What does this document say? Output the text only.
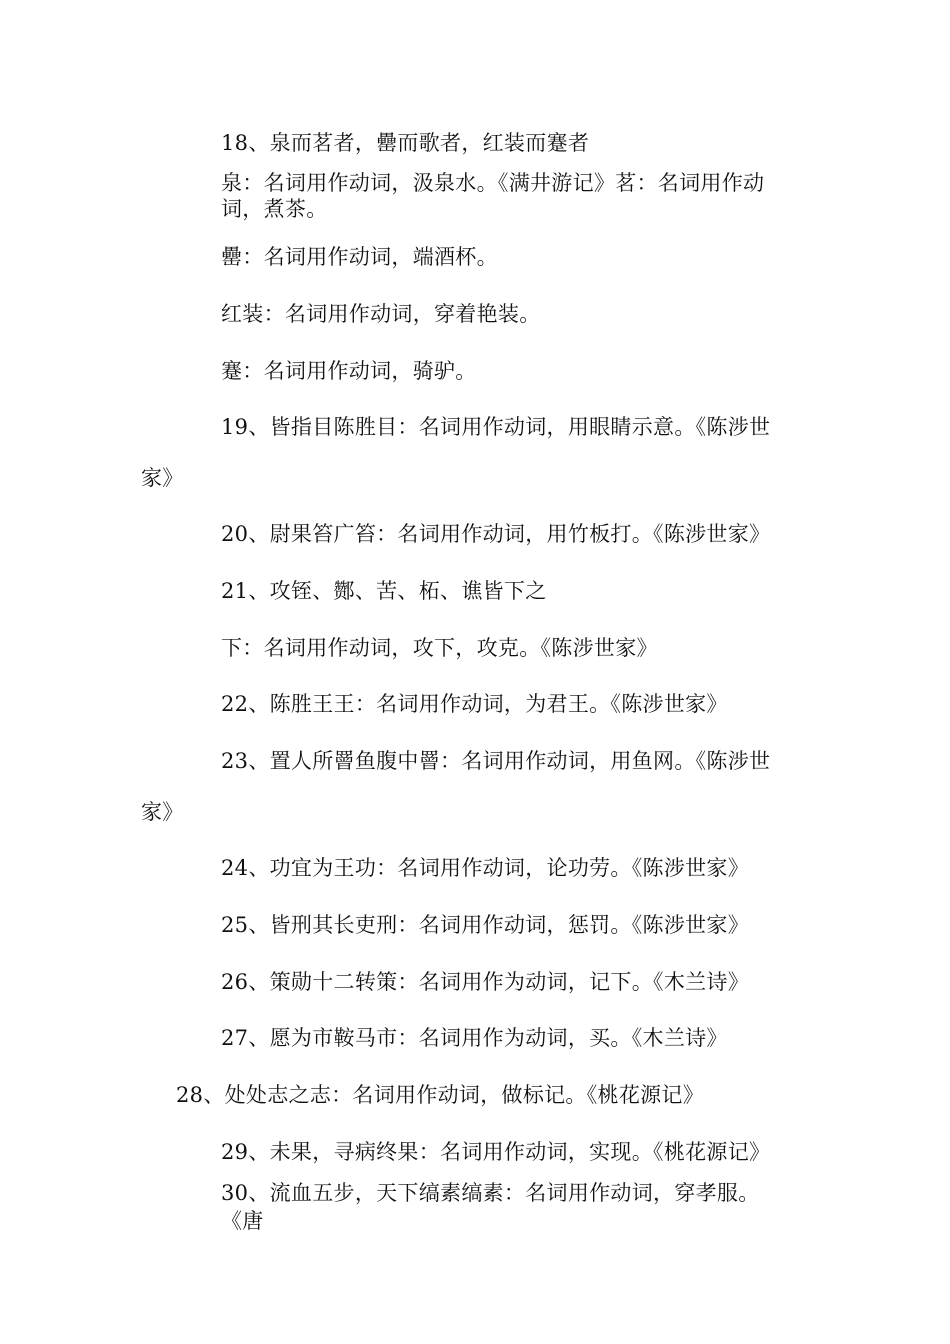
18、泉而茗者，罍而歌者，红装而蹇者
泉：名词用作动词，汲泉水。《满井游记》茗：名词用作动
词，煮茶。
罍：名词用作动词，端酒杯。
红装：名词用作动词，穿着艳装。
蹇：名词用作动词，骑驴。
19、皆指目陈胜目：名词用作动词，用眼睛示意。《陈涉世
家》
20、尉果笞广笞：名词用作动词，用竹板打。《陈涉世家》
21、攻铚、酂、苦、柘、谯皆下之
下：名词用作动词，攻下，攻克。《陈涉世家》
22、陈胜王王：名词用作动词，为君王。《陈涉世家》
23、置人所罾鱼腹中罾：名词用作动词，用鱼网。《陈涉世
家》
24、功宜为王功：名词用作动词，论功劳。《陈涉世家》
25、皆刑其长吏刑：名词用作动词，惩罚。《陈涉世家》
26、策勋十二转策：名词用作为动词，记下。《木兰诗》
27、愿为市鞍马市：名词用作为动词，买。《木兰诗》
28、处处志之志：名词用作动词，做标记。《桃花源记》
29、未果，寻病终果：名词用作动词，实现。《桃花源记》
30、流血五步，天下缟素缟素：名词用作动词，穿孝服。
《唐
